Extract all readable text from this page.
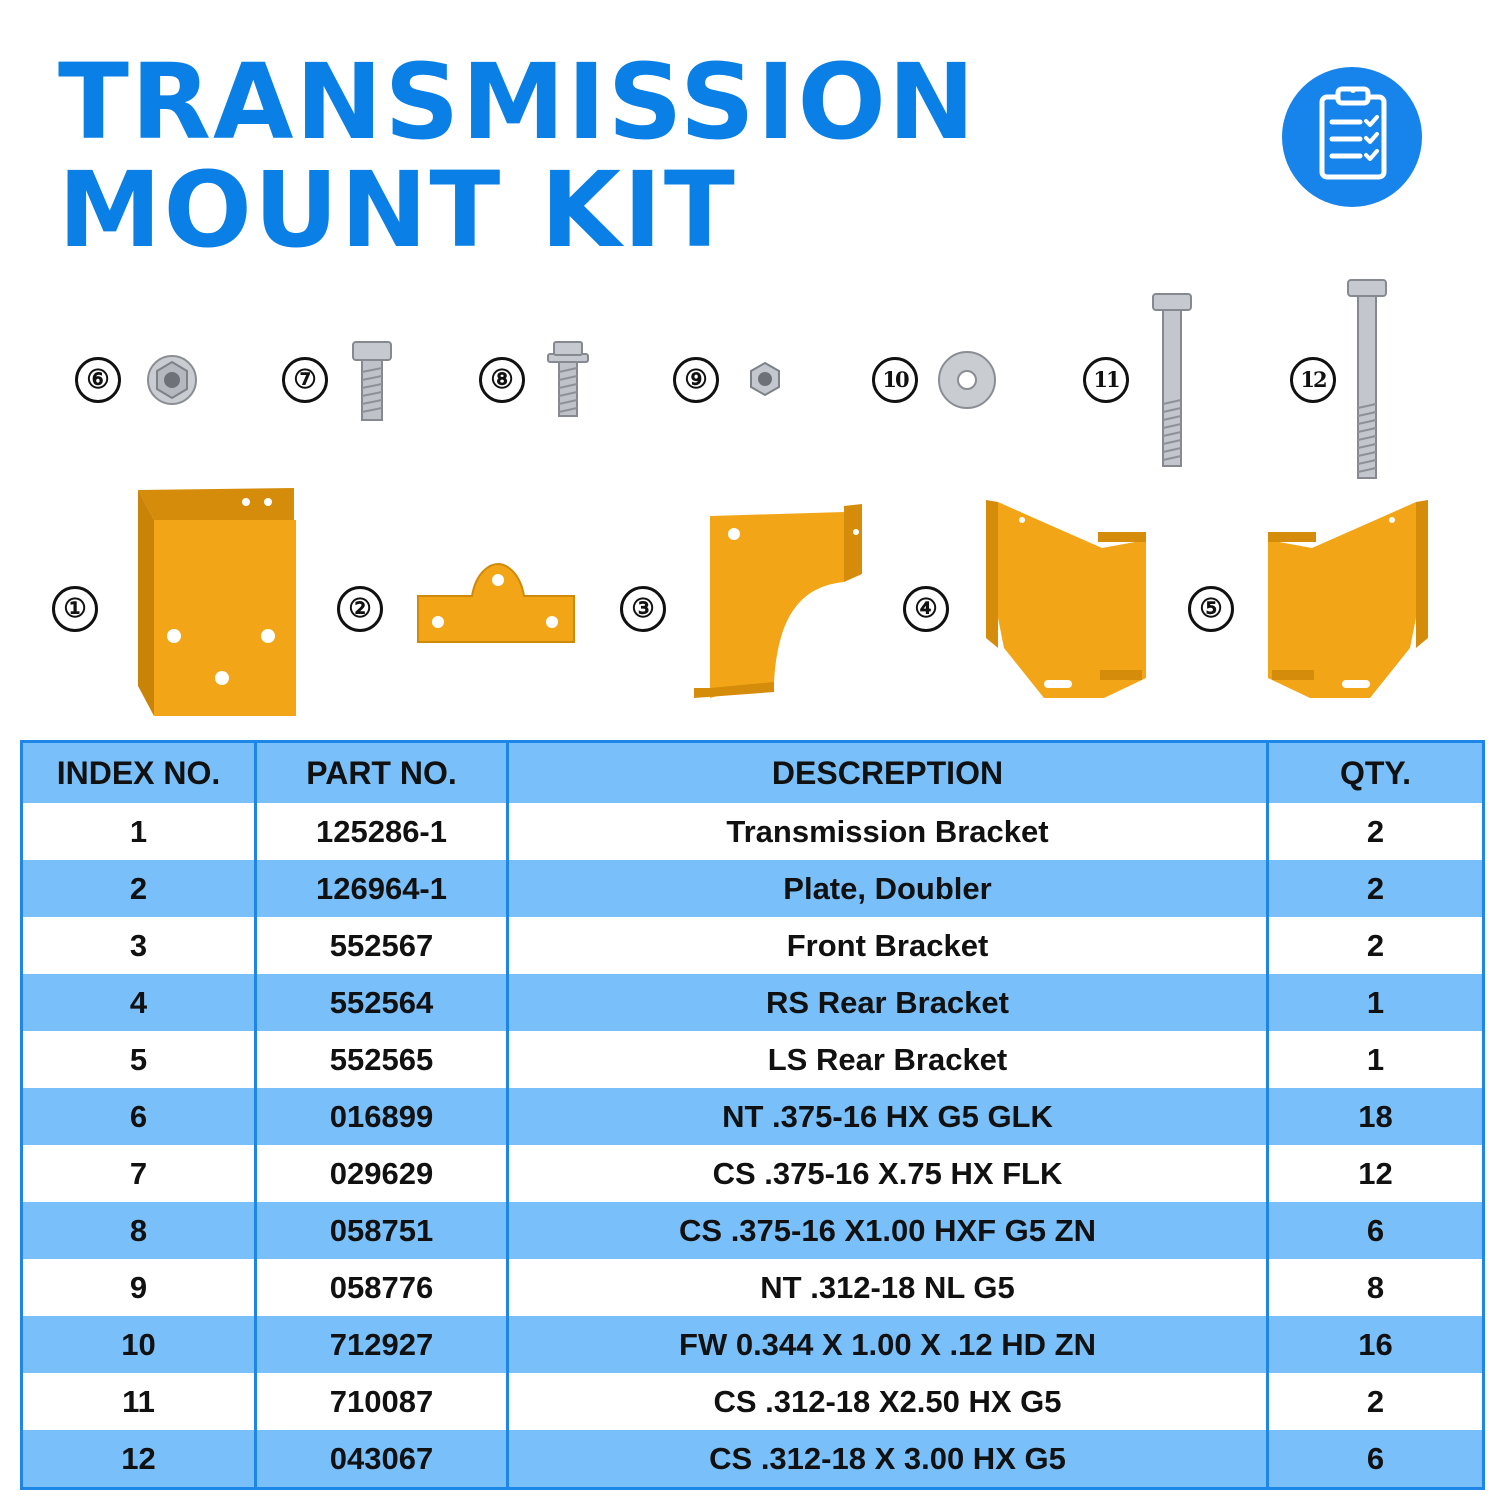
TRANSMISSION
MOUNT KIT
⑥	⑦	⑧	⑨	10	11	12
①	②	③	④	⑤
INDEX NO.	PART NO.	DESCREPTION	QTY.
1	125286-1	Transmission Bracket	2
2	126964-1	Plate, Doubler	2
3	552567	Front Bracket	2
4	552564	RS Rear Bracket	1
5	552565	LS Rear Bracket	1
6	016899	NT .375-16 HX G5 GLK	18
7	029629	CS .375-16 X.75 HX FLK	12
8	058751	CS .375-16 X1.00 HXF G5 ZN	6
9	058776	NT .312-18 NL G5	8
10	712927	FW 0.344 X 1.00 X .12 HD ZN	16
11	710087	CS .312-18 X2.50 HX G5	2
12	043067	CS .312-18 X 3.00 HX G5	6
